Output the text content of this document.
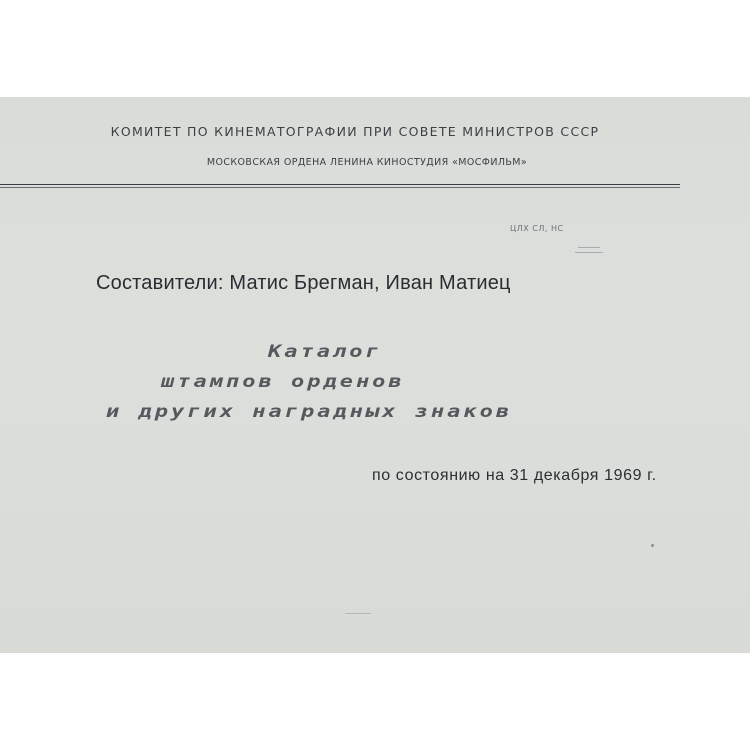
КОМИТЕТ ПО КИНЕМАТОГРАФИИ ПРИ СОВЕТЕ МИНИСТРОВ СССР
МОСКОВСКАЯ ОРДЕНА ЛЕНИНА КИНОСТУДИЯ «МОСФИЛЬМ»
ЦЛХ СЛ, НС
Составители: Матис Брегман, Иван Матиец
Каталог
штампов орденов
и других наградных знаков
по состоянию на 31 декабря 1969 г.
